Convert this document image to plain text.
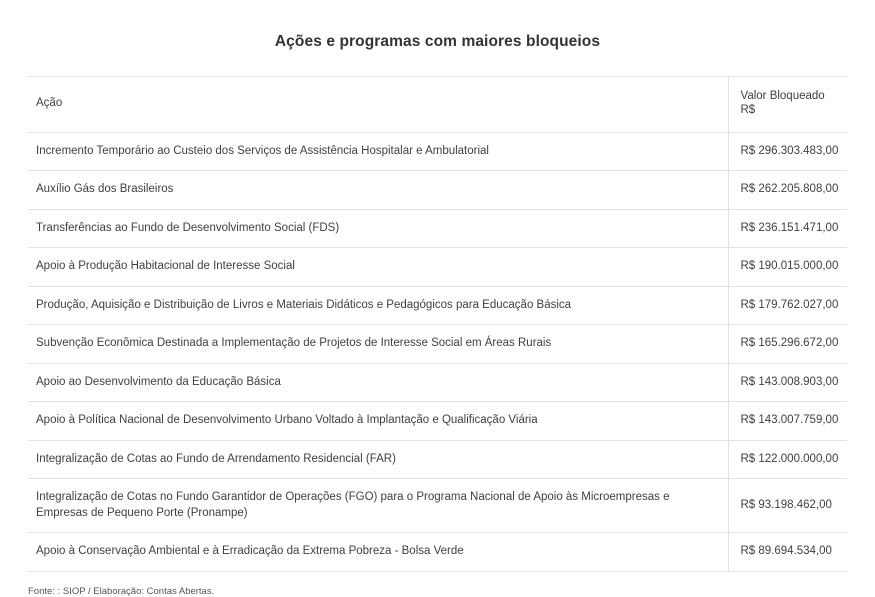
Ações e programas com maiores bloqueios
Ação	Valor Bloqueado
R$

Incremento Temporário ao Custeio dos Serviços de Assistência Hospitalar e Ambulatorial	R$ 296.303.483,00
Auxílio Gás dos Brasileiros	R$ 262.205.808,00
Transferências ao Fundo de Desenvolvimento Social (FDS)	R$ 236.151.471,00
Apoio à Produção Habitacional de Interesse Social	R$ 190.015.000,00
Produção, Aquisição e Distribuição de Livros e Materiais Didáticos e Pedagógicos para Educação Básica	R$ 179.762.027,00
Subvenção Econômica Destinada a Implementação de Projetos de Interesse Social em Áreas Rurais	R$ 165.296.672,00
Apoio ao Desenvolvimento da Educação Básica	R$ 143.008.903,00
Apoio à Política Nacional de Desenvolvimento Urbano Voltado à Implantação e Qualificação Viária	R$ 143.007.759,00
Integralização de Cotas ao Fundo de Arrendamento Residencial (FAR)	R$ 122.000.000,00
Integralização de Cotas no Fundo Garantidor de Operações (FGO) para o Programa Nacional de Apoio às Microempresas e Empresas de Pequeno Porte (Pronampe)	R$ 93.198.462,00
Apoio à Conservação Ambiental e à Erradicação da Extrema Pobreza - Bolsa Verde	R$ 89.694.534,00
Fonte: : SIOP / Elaboração: Contas Abertas.
